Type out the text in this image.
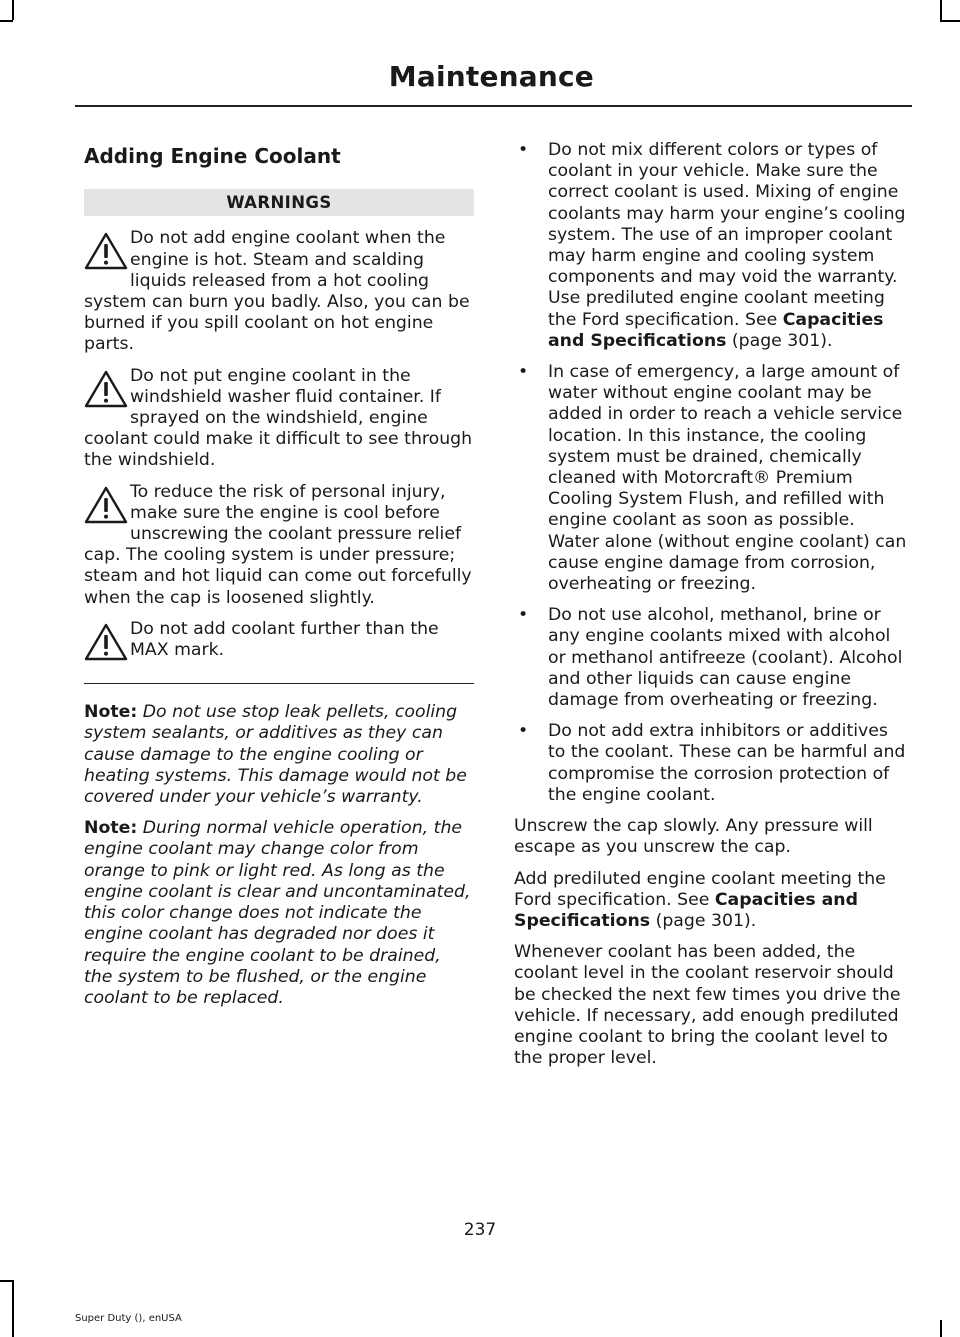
Maintenance
Adding Engine Coolant
WARNINGS

Do not add engine coolant when the engine is hot. Steam and scalding liquids released from a hot cooling system can burn you badly. Also, you can be burned if you spill coolant on hot engine parts.

Do not put engine coolant in the windshield washer fluid container. If sprayed on the windshield, engine coolant could make it difficult to see through the windshield.

To reduce the risk of personal injury, make sure the engine is cool before unscrewing the coolant pressure relief cap. The cooling system is under pressure; steam and hot liquid can come out forcefully when the cap is loosened slightly.

Do not add coolant further than the MAX mark.

Note: Do not use stop leak pellets, cooling system sealants, or additives as they can cause damage to the engine cooling or heating systems. This damage would not be covered under your vehicle’s warranty.

Note: During normal vehicle operation, the engine coolant may change color from orange to pink or light red. As long as the engine coolant is clear and uncontaminated, this color change does not indicate the engine coolant has degraded nor does it require the engine coolant to be drained, the system to be flushed, or the engine coolant to be replaced.

• Do not mix different colors or types of coolant in your vehicle. Make sure the correct coolant is used. Mixing of engine coolants may harm your engine’s cooling system. The use of an improper coolant may harm engine and cooling system components and may void the warranty. Use prediluted engine coolant meeting the Ford specification. See Capacities and Specifications (page 301).
• In case of emergency, a large amount of water without engine coolant may be added in order to reach a vehicle service location. In this instance, the cooling system must be drained, chemically cleaned with Motorcraft® Premium Cooling System Flush, and refilled with engine coolant as soon as possible. Water alone (without engine coolant) can cause engine damage from corrosion, overheating or freezing.
• Do not use alcohol, methanol, brine or any engine coolants mixed with alcohol or methanol antifreeze (coolant). Alcohol and other liquids can cause engine damage from overheating or freezing.
• Do not add extra inhibitors or additives to the coolant. These can be harmful and compromise the corrosion protection of the engine coolant.

Unscrew the cap slowly. Any pressure will escape as you unscrew the cap.

Add prediluted engine coolant meeting the Ford specification. See Capacities and Specifications (page 301).

Whenever coolant has been added, the coolant level in the coolant reservoir should be checked the next few times you drive the vehicle. If necessary, add enough prediluted engine coolant to bring the coolant level to the proper level.

237
Super Duty (), enUSA
